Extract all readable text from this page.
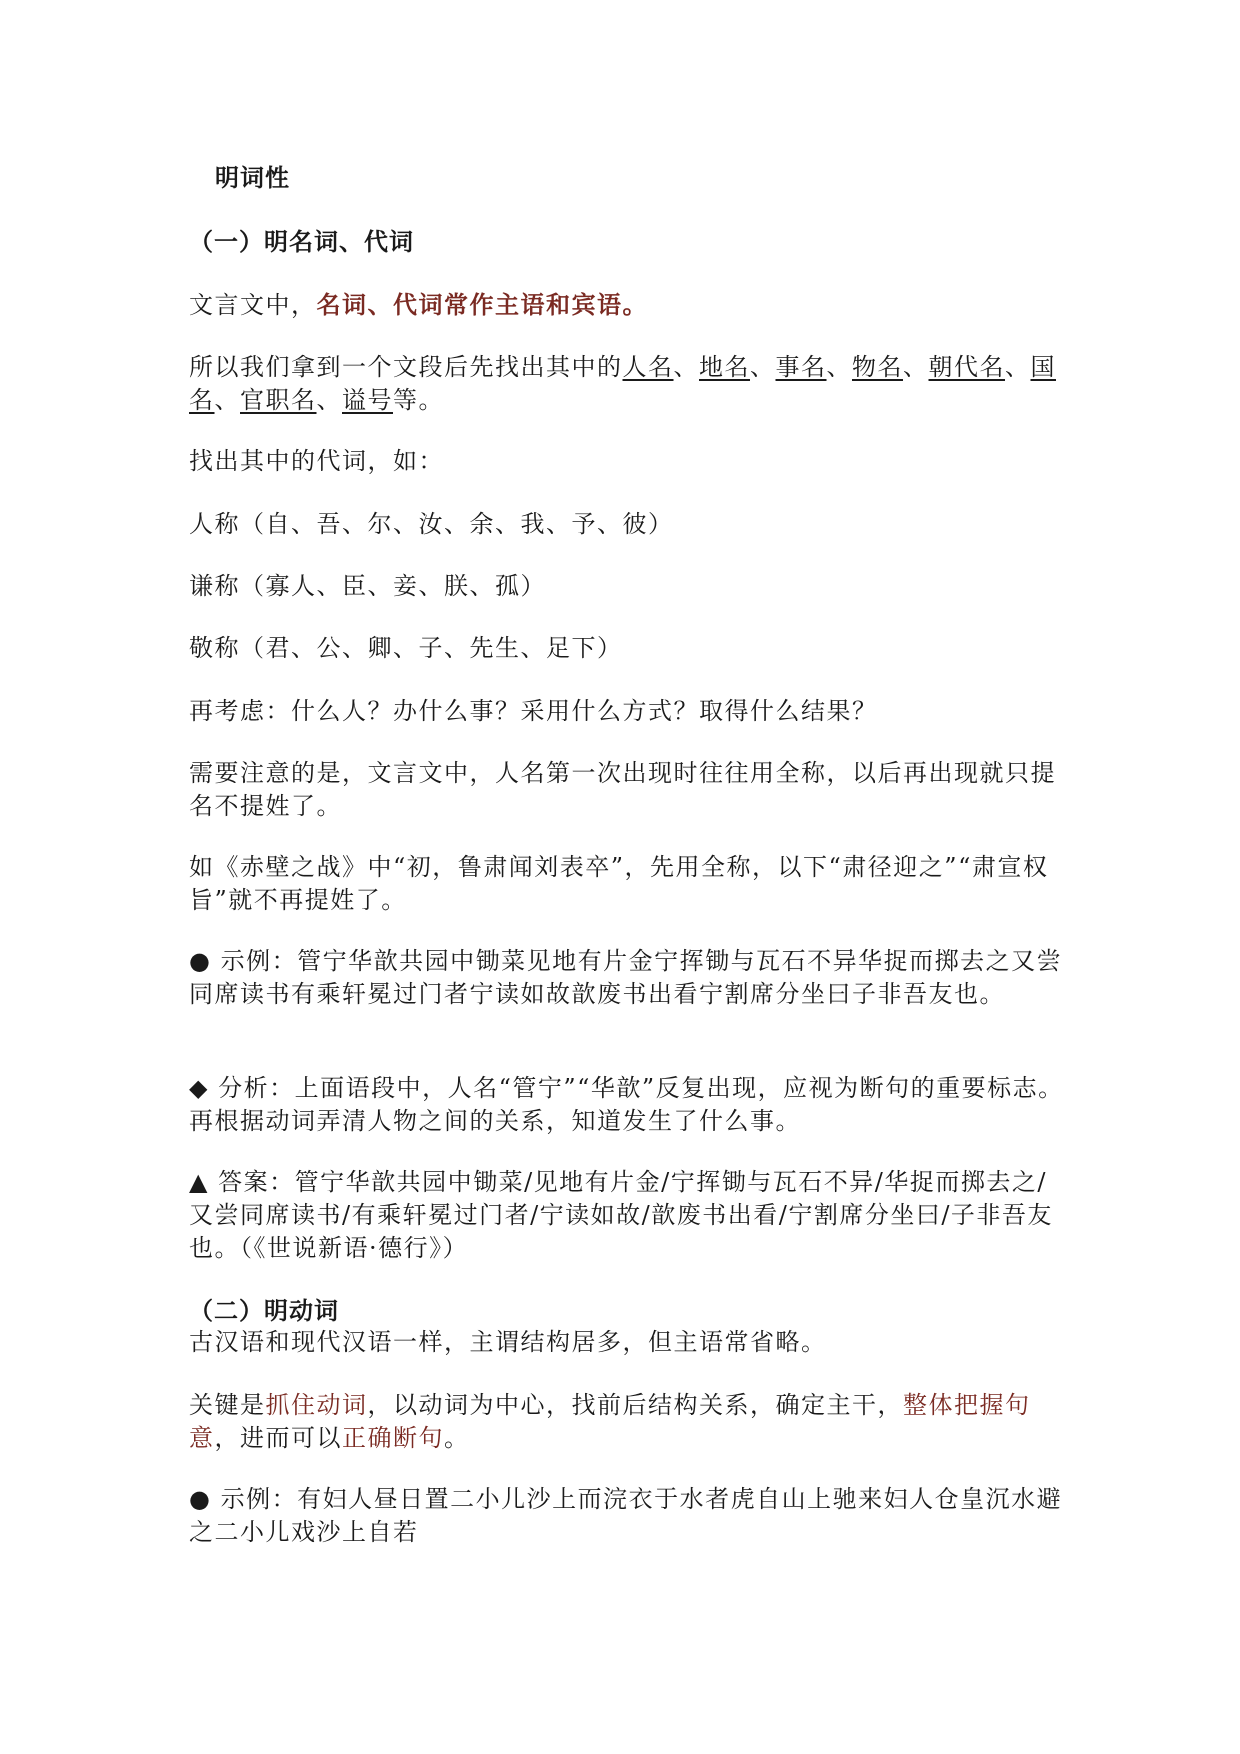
明词性
（一）明名词、代词
文言文中，名词、代词常作主语和宾语。
所以我们拿到一个文段后先找出其中的人名、地名、事名、物名、朝代名、国名、官职名、谥号等。
找出其中的代词，如：
人称（自、吾、尔、汝、余、我、予、彼）
谦称（寡人、臣、妾、朕、孤）
敬称（君、公、卿、子、先生、足下）
再考虑：什么人？办什么事？采用什么方式？取得什么结果？
需要注意的是，文言文中，人名第一次出现时往往用全称，以后再出现就只提名不提姓了。
如《赤壁之战》中“初，鲁肃闻刘表卒”，先用全称，以下“肃径迎之”“肃宣权旨”就不再提姓了。
● 示例：管宁华歆共园中锄菜见地有片金宁挥锄与瓦石不异华捉而掷去之又尝同席读书有乘轩冕过门者宁读如故歆废书出看宁割席分坐曰子非吾友也。
◆ 分析：上面语段中，人名“管宁”“华歆”反复出现，应视为断句的重要标志。再根据动词弄清人物之间的关系，知道发生了什么事。
▲ 答案：管宁华歆共园中锄菜/见地有片金/宁挥锄与瓦石不异/华捉而掷去之/又尝同席读书/有乘轩冕过门者/宁读如故/歆废书出看/宁割席分坐曰/子非吾友也。（《世说新语·德行》）
（二）明动词
古汉语和现代汉语一样，主谓结构居多，但主语常省略。
关键是抓住动词，以动词为中心，找前后结构关系，确定主干，整体把握句意，进而可以正确断句。
● 示例：有妇人昼日置二小儿沙上而浣衣于水者虎自山上驰来妇人仓皇沉水避之二小儿戏沙上自若
